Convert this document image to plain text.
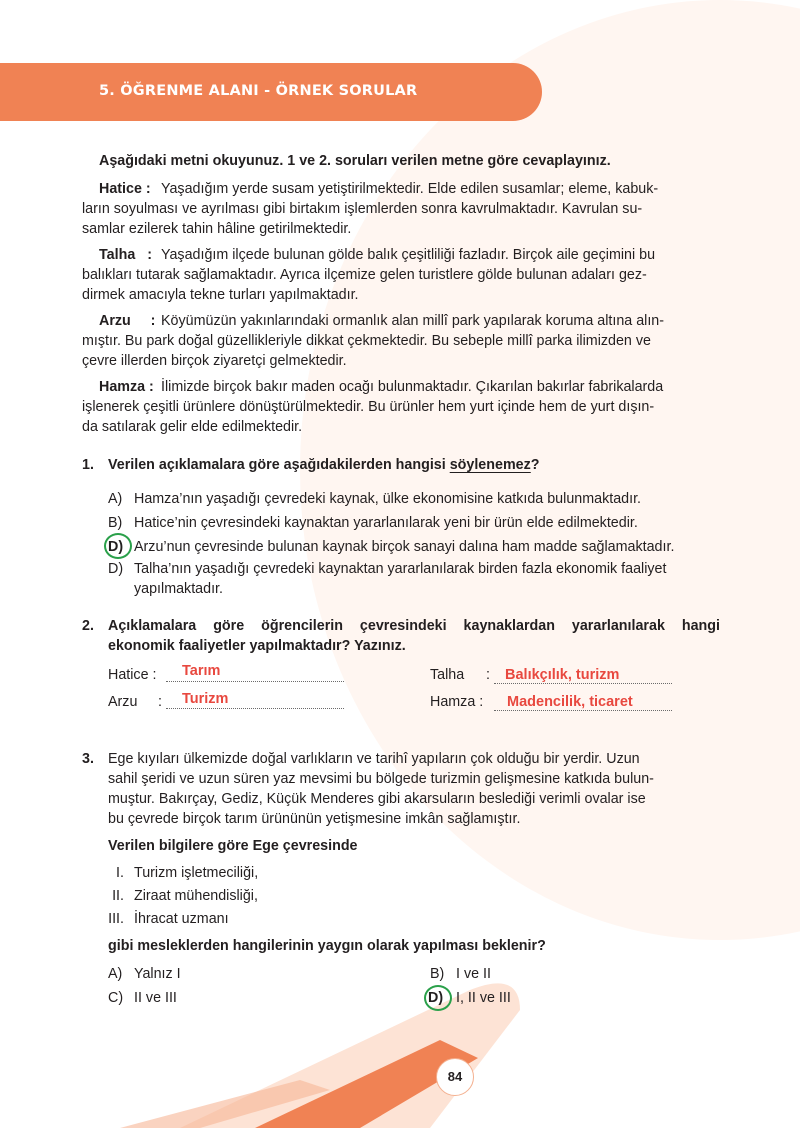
5. ÖĞRENME ALANI - ÖRNEK SORULAR

Aşağıdaki metni okuyunuz. 1 ve 2. soruları verilen metne göre cevaplayınız.

Hatice : Yaşadığım yerde susam yetiştirilmektedir. Elde edilen susamlar; eleme, kabuk-

ların soyulması ve ayrılması gibi birtakım işlemlerden sonra kavrulmaktadır. Kavrulan su-

samlar ezilerek tahin hâline getirilmektedir.

Talha   : Yaşadığım ilçede bulunan gölde balık çeşitliliği fazladır. Birçok aile geçimini bu

balıkları tutarak sağlamaktadır. Ayrıca ilçemize gelen turistlere gölde bulunan adaları gez-

dirmek amacıyla tekne turları yapılmaktadır.

Arzu     : Köyümüzün yakınlarındaki ormanlık alan millî park yapılarak koruma altına alın-

mıştır. Bu park doğal güzellikleriyle dikkat çekmektedir. Bu sebeple millî parka ilimizden ve

çevre illerden birçok ziyaretçi gelmektedir.

Hamza : İlimizde birçok bakır maden ocağı bulunmaktadır. Çıkarılan bakırlar fabrikalarda

işlenerek çeşitli ürünlere dönüştürülmektedir. Bu ürünler hem yurt içinde hem de yurt dışın-

da satılarak gelir elde edilmektedir.

1. Verilen açıklamalara göre aşağıdakilerden hangisi söylenemez?

A) Hamza’nın yaşadığı çevredeki kaynak, ülke ekonomisine katkıda bulunmaktadır.
B) Hatice’nin çevresindeki kaynaktan yararlanılarak yeni bir ürün elde edilmektedir.
D) Arzu’nun çevresinde bulunan kaynak birçok sanayi dalına ham madde sağlamaktadır.
D) Talha’nın yaşadığı çevredeki kaynaktan yararlanılarak birden fazla ekonomik faaliyet
yapılmaktadır.

2. Açıklamalara göre öğrencilerin çevresindeki kaynaklardan yararlanılarak hangi

ekonomik faaliyetler yapılmaktadır? Yazınız.

Hatice : Tarım	Talha : Balıkçılık, turizm
Arzu : Turizm	Hamza : Madencilik, ticaret

3. Ege kıyıları ülkemizde doğal varlıkların ve tarihî yapıların çok olduğu bir yerdir. Uzun

sahil şeridi ve uzun süren yaz mevsimi bu bölgede turizmin gelişmesine katkıda bulun-

muştur. Bakırçay, Gediz, Küçük Menderes gibi akarsuların beslediği verimli ovalar ise

bu çevrede birçok tarım ürününün yetişmesine imkân sağlamıştır.

Verilen bilgilere göre Ege çevresinde

I. Turizm işletmeciliği,
II. Ziraat mühendisliği,
III. İhracat uzmanı

gibi mesleklerden hangilerinin yaygın olarak yapılması beklenir?

A) Yalnız I	B) I ve II
C) II ve III	D) I, II ve III
84
